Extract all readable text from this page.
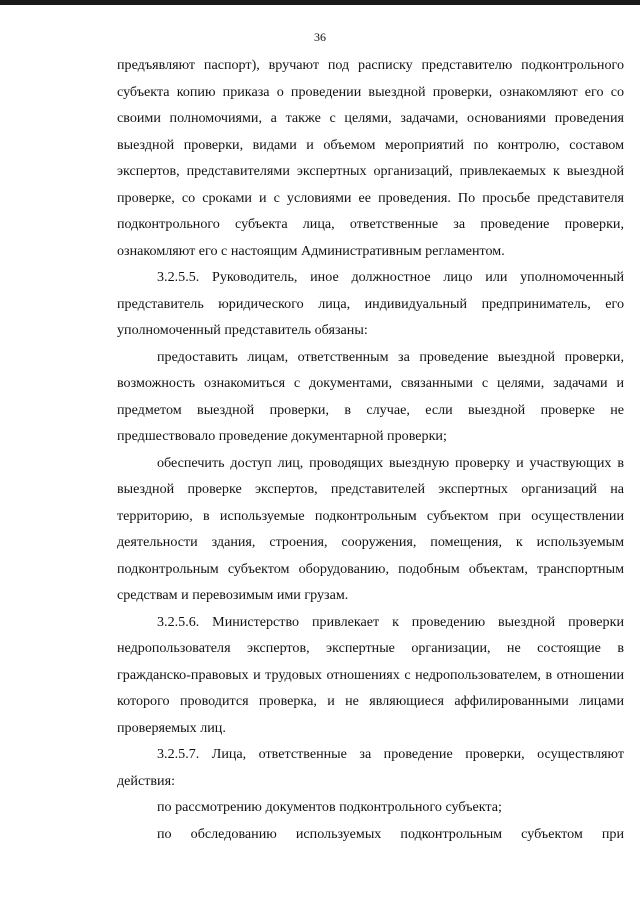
36

предъявляют паспорт), вручают под расписку представителю подконтрольного субъекта копию приказа о проведении выездной проверки, ознакомляют его со своими полномочиями, а также с целями, задачами, основаниями проведения выездной проверки, видами и объемом мероприятий по контролю, составом экспертов, представителями экспертных организаций, привлекаемых к выездной проверке, со сроками и с условиями ее проведения. По просьбе представителя подконтрольного субъекта лица, ответственные за проведение проверки, ознакомляют его с настоящим Административным регламентом.

3.2.5.5. Руководитель, иное должностное лицо или уполномоченный представитель юридического лица, индивидуальный предприниматель, его уполномоченный представитель обязаны:

предоставить лицам, ответственным за проведение выездной проверки, возможность ознакомиться с документами, связанными с целями, задачами и предметом выездной проверки, в случае, если выездной проверке не предшествовало проведение документарной проверки;

обеспечить доступ лиц, проводящих выездную проверку и участвующих в выездной проверке экспертов, представителей экспертных организаций на территорию, в используемые подконтрольным субъектом при осуществлении деятельности здания, строения, сооружения, помещения, к используемым подконтрольным субъектом оборудованию, подобным объектам, транспортным средствам и перевозимым ими грузам.

3.2.5.6. Министерство привлекает к проведению выездной проверки недропользователя экспертов, экспертные организации, не состоящие в гражданско-правовых и трудовых отношениях с недропользователем, в отношении которого проводится проверка, и не являющиеся аффилированными лицами проверяемых лиц.

3.2.5.7. Лица, ответственные за проведение проверки, осуществляют действия:

по рассмотрению документов подконтрольного субъекта;

по обследованию используемых подконтрольным субъектом при
